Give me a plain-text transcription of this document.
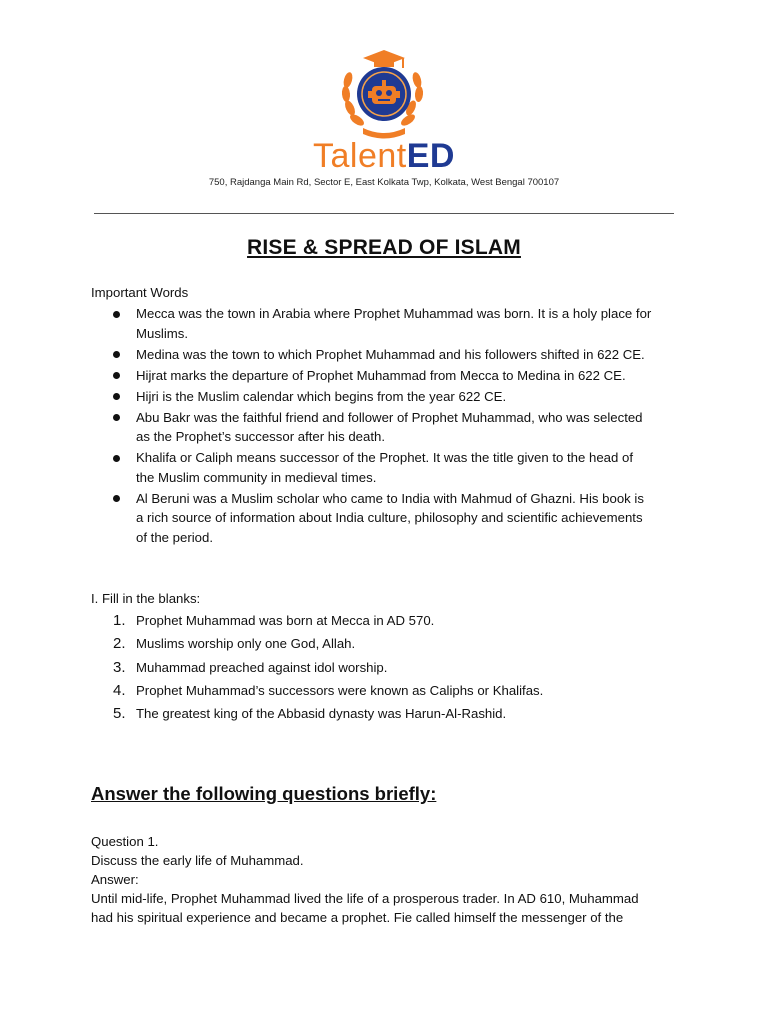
TalentED
750, Rajdanga Main Rd, Sector E, East Kolkata Twp, Kolkata, West Bengal 700107
RISE & SPREAD OF ISLAM
Important Words
Mecca was the town in Arabia where Prophet Muhammad was born. It is a holy place for
Muslims.
Medina was the town to which Prophet Muhammad and his followers shifted in 622 CE.
Hijrat marks the departure of Prophet Muhammad from Mecca to Medina in 622 CE.
Hijri is the Muslim calendar which begins from the year 622 CE.
Abu Bakr was the faithful friend and follower of Prophet Muhammad, who was selected
as the Prophet’s successor after his death.
Khalifa or Caliph means successor of the Prophet. It was the title given to the head of
the Muslim community in medieval times.
Al Beruni was a Muslim scholar who came to India with Mahmud of Ghazni. His book is
a rich source of information about India culture, philosophy and scientific achievements
of the period.
I. Fill in the blanks:
1. Prophet Muhammad was born at Mecca in AD 570.
2. Muslims worship only one God, Allah.
3. Muhammad preached against idol worship.
4. Prophet Muhammad’s successors were known as Caliphs or Khalifas.
5. The greatest king of the Abbasid dynasty was Harun-Al-Rashid.
Answer the following questions briefly:
Question 1.
Discuss the early life of Muhammad.
Answer:
Until mid-life, Prophet Muhammad lived the life of a prosperous trader. In AD 610, Muhammad
had his spiritual experience and became a prophet. Fie called himself the messenger of the
